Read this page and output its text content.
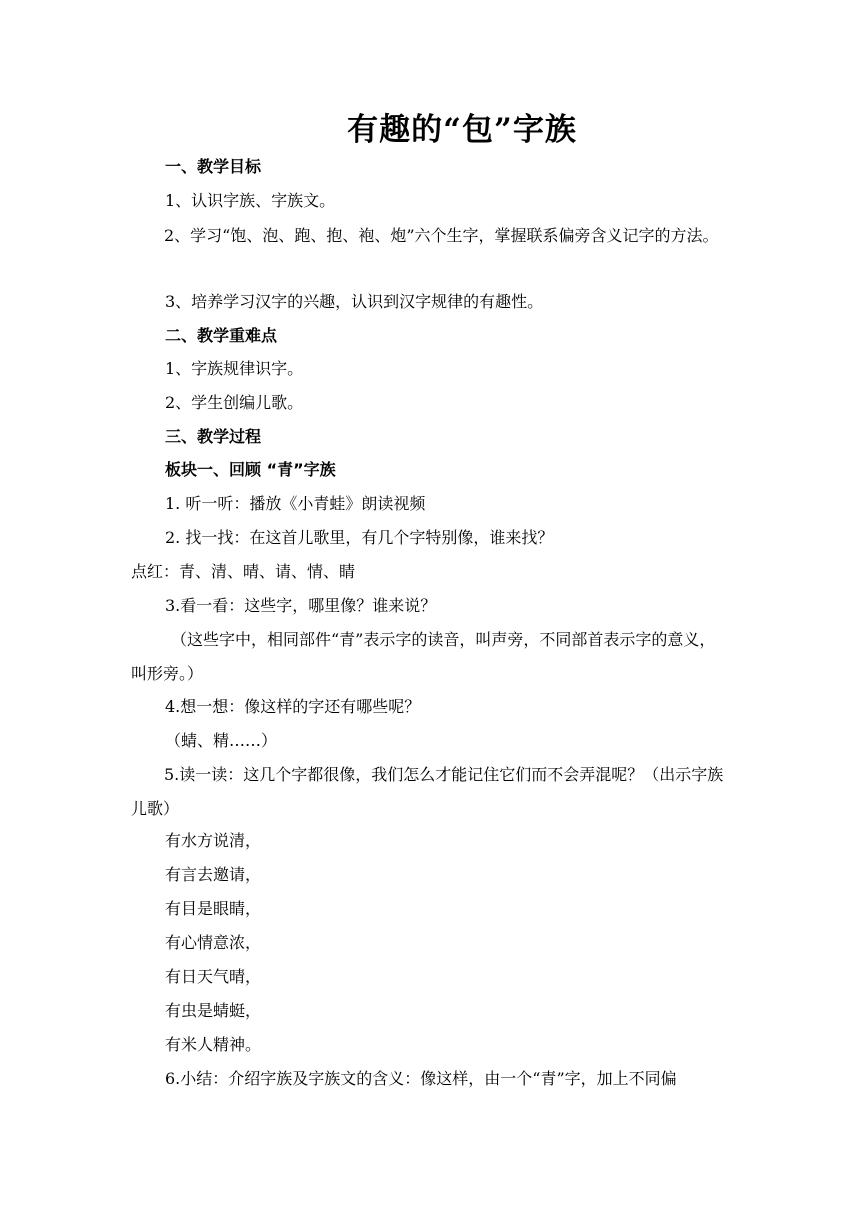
有趣的“包”字族
一、教学目标
1、认识字族、字族文。
2、学习“饱、泡、跑、抱、袍、炮”六个生字，掌握联系偏旁含义记字的方法。
3、培养学习汉字的兴趣，认识到汉字规律的有趣性。
二、教学重难点
1、字族规律识字。
2、学生创编儿歌。
三、教学过程
板块一、回顾 “青”字族
1. 听一听：播放《小青蛙》朗读视频
2. 找一找：在这首儿歌里，有几个字特别像，谁来找？
点红：青、清、晴、请、情、睛
3.看一看：这些字，哪里像？谁来说？
（这些字中，相同部件“青”表示字的读音，叫声旁，不同部首表示字的意义，叫形旁。）
4.想一想：像这样的字还有哪些呢？
（蜻、精……）
5.读一读：这几个字都很像，我们怎么才能记住它们而不会弄混呢？（出示字族儿歌）
有水方说清，
有言去邀请，
有目是眼睛，
有心情意浓，
有日天气晴，
有虫是蜻蜓，
有米人精神。
6.小结：介绍字族及字族文的含义：像这样，由一个“青”字，加上不同偏
